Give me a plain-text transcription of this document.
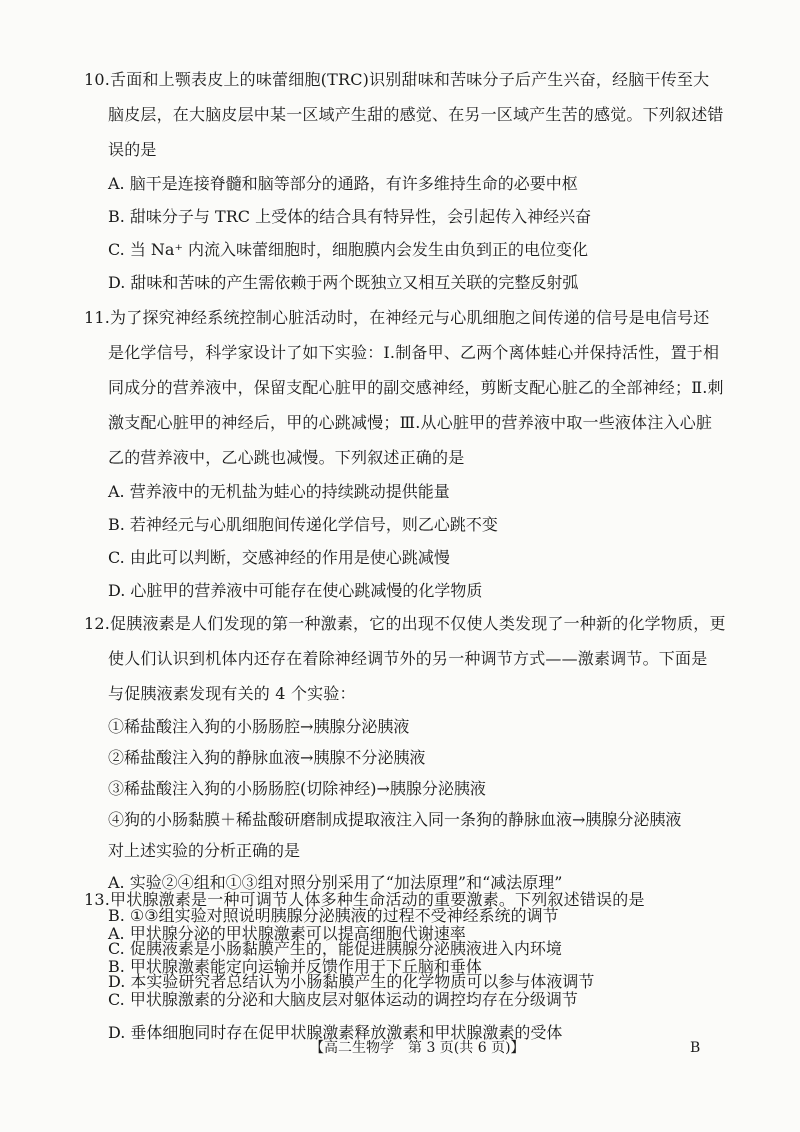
10.舌面和上颚表皮上的味蕾细胞(TRC)识别甜味和苦味分子后产生兴奋，经脑干传至大
脑皮层，在大脑皮层中某一区域产生甜的感觉、在另一区域产生苦的感觉。下列叙述错
误的是
A. 脑干是连接脊髓和脑等部分的通路，有许多维持生命的必要中枢
B. 甜味分子与 TRC 上受体的结合具有特异性，会引起传入神经兴奋
C. 当 Na⁺ 内流入味蕾细胞时，细胞膜内会发生由负到正的电位变化
D. 甜味和苦味的产生需依赖于两个既独立又相互关联的完整反射弧
11.为了探究神经系统控制心脏活动时，在神经元与心肌细胞之间传递的信号是电信号还
是化学信号，科学家设计了如下实验：Ⅰ.制备甲、乙两个离体蛙心并保持活性，置于相
同成分的营养液中，保留支配心脏甲的副交感神经，剪断支配心脏乙的全部神经；Ⅱ.刺
激支配心脏甲的神经后，甲的心跳减慢；Ⅲ.从心脏甲的营养液中取一些液体注入心脏
乙的营养液中，乙心跳也减慢。下列叙述正确的是
A. 营养液中的无机盐为蛙心的持续跳动提供能量
B. 若神经元与心肌细胞间传递化学信号，则乙心跳不变
C. 由此可以判断，交感神经的作用是使心跳减慢
D. 心脏甲的营养液中可能存在使心跳减慢的化学物质
12.促胰液素是人们发现的第一种激素，它的出现不仅使人类发现了一种新的化学物质，更
使人们认识到机体内还存在着除神经调节外的另一种调节方式——激素调节。下面是
与促胰液素发现有关的 4 个实验：
①稀盐酸注入狗的小肠肠腔→胰腺分泌胰液
②稀盐酸注入狗的静脉血液→胰腺不分泌胰液
③稀盐酸注入狗的小肠肠腔(切除神经)→胰腺分泌胰液
④狗的小肠黏膜＋稀盐酸研磨制成提取液注入同一条狗的静脉血液→胰腺分泌胰液
对上述实验的分析正确的是
A. 实验②④组和①③组对照分别采用了“加法原理”和“减法原理”
B. ①③组实验对照说明胰腺分泌胰液的过程不受神经系统的调节
C. 促胰液素是小肠黏膜产生的，能促进胰腺分泌胰液进入内环境
D. 本实验研究者总结认为小肠黏膜产生的化学物质可以参与体液调节
13.甲状腺激素是一种可调节人体多种生命活动的重要激素。下列叙述错误的是
A. 甲状腺分泌的甲状腺激素可以提高细胞代谢速率
B. 甲状腺激素能定向运输并反馈作用于下丘脑和垂体
C. 甲状腺激素的分泌和大脑皮层对躯体运动的调控均存在分级调节
D. 垂体细胞同时存在促甲状腺激素释放激素和甲状腺激素的受体
【高二生物学　第 3 页(共 6 页)】	B
